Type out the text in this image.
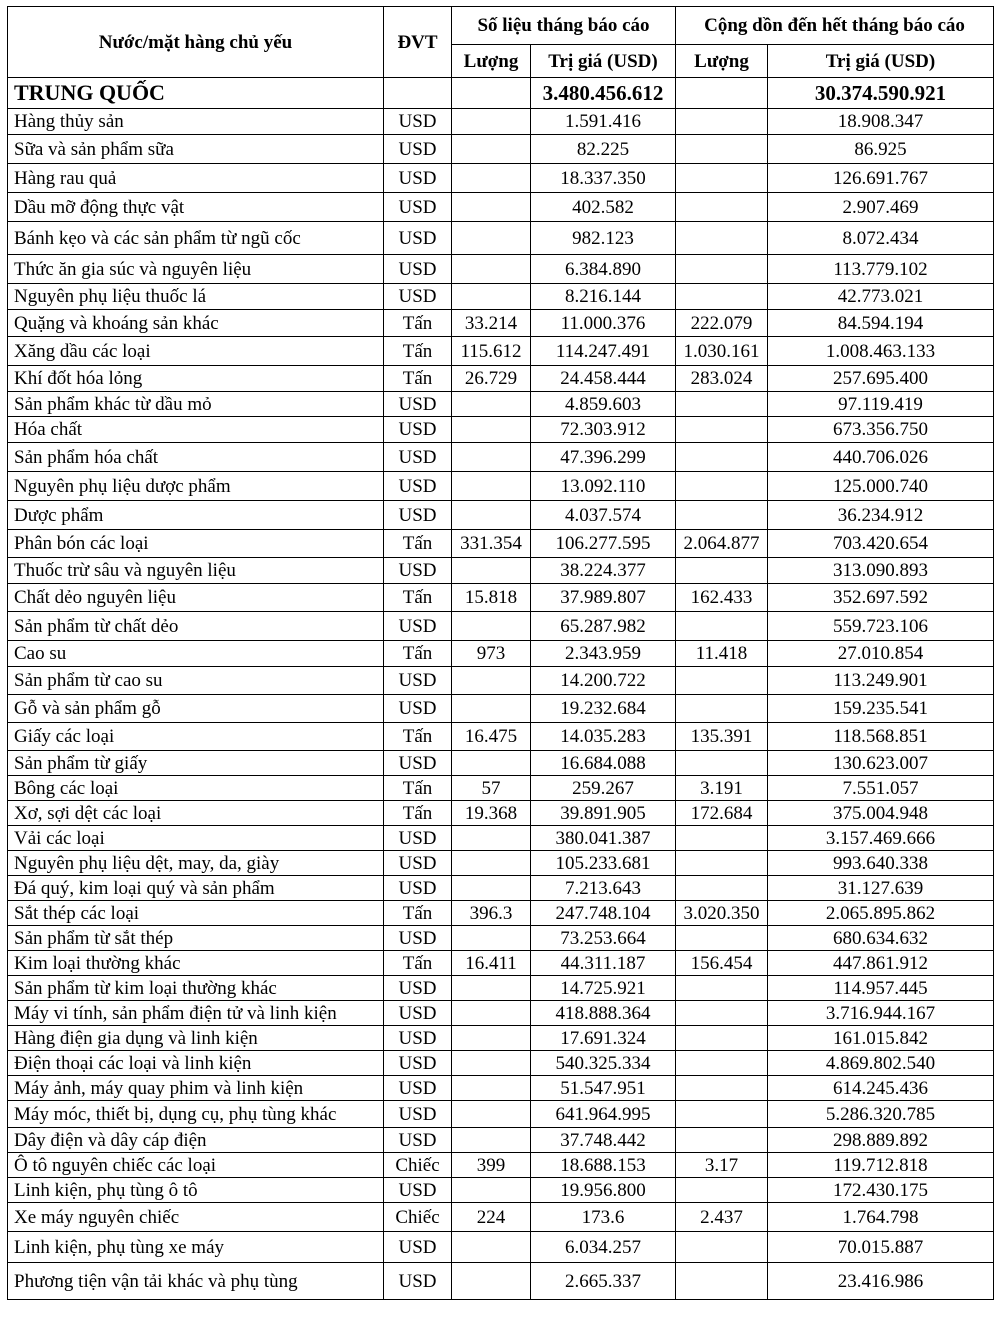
Nước/mặt hàng chủ yếu	ĐVT	Số liệu tháng báo cáo		Cộng dồn đến hết tháng báo cáo	
		Lượng	Trị giá (USD)	Lượng	Trị giá (USD)
TRUNG QUỐC			3.480.456.612		30.374.590.921
Hàng thủy sản	USD		1.591.416		18.908.347
Sữa và sản phẩm sữa	USD		82.225		86.925
Hàng rau quả	USD		18.337.350		126.691.767
Dầu mỡ động thực vật	USD		402.582		2.907.469
Bánh kẹo và các sản phẩm từ ngũ cốc	USD		982.123		8.072.434
Thức ăn gia súc và nguyên liệu	USD		6.384.890		113.779.102
Nguyên phụ liệu thuốc lá	USD		8.216.144		42.773.021
Quặng và khoáng sản khác	Tấn	33.214	11.000.376	222.079	84.594.194
Xăng dầu các loại	Tấn	115.612	114.247.491	1.030.161	1.008.463.133
Khí đốt hóa lỏng	Tấn	26.729	24.458.444	283.024	257.695.400
Sản phẩm khác từ dầu mỏ	USD		4.859.603		97.119.419
Hóa chất	USD		72.303.912		673.356.750
Sản phẩm hóa chất	USD		47.396.299		440.706.026
Nguyên phụ liệu dược phẩm	USD		13.092.110		125.000.740
Dược phẩm	USD		4.037.574		36.234.912
Phân bón các loại	Tấn	331.354	106.277.595	2.064.877	703.420.654
Thuốc trừ sâu và nguyên liệu	USD		38.224.377		313.090.893
Chất dẻo nguyên liệu	Tấn	15.818	37.989.807	162.433	352.697.592
Sản phẩm từ chất dẻo	USD		65.287.982		559.723.106
Cao su	Tấn	973	2.343.959	11.418	27.010.854
Sản phẩm từ cao su	USD		14.200.722		113.249.901
Gỗ và sản phẩm gỗ	USD		19.232.684		159.235.541
Giấy các loại	Tấn	16.475	14.035.283	135.391	118.568.851
Sản phẩm từ giấy	USD		16.684.088		130.623.007
Bông các loại	Tấn	57	259.267	3.191	7.551.057
Xơ, sợi dệt các loại	Tấn	19.368	39.891.905	172.684	375.004.948
Vải các loại	USD		380.041.387		3.157.469.666
Nguyên phụ liệu dệt, may, da, giày	USD		105.233.681		993.640.338
Đá quý, kim loại quý và sản phẩm	USD		7.213.643		31.127.639
Sắt thép các loại	Tấn	396.3	247.748.104	3.020.350	2.065.895.862
Sản phẩm từ sắt thép	USD		73.253.664		680.634.632
Kim loại thường khác	Tấn	16.411	44.311.187	156.454	447.861.912
Sản phẩm từ kim loại thường khác	USD		14.725.921		114.957.445
Máy vi tính, sản phẩm điện tử và linh kiện	USD		418.888.364		3.716.944.167
Hàng điện gia dụng và linh kiện	USD		17.691.324		161.015.842
Điện thoại các loại và linh kiện	USD		540.325.334		4.869.802.540
Máy ảnh, máy quay phim và linh kiện	USD		51.547.951		614.245.436
Máy móc, thiết bị, dụng cụ, phụ tùng khác	USD		641.964.995		5.286.320.785
Dây điện và dây cáp điện	USD		37.748.442		298.889.892
Ô tô nguyên chiếc các loại	Chiếc	399	18.688.153	3.17	119.712.818
Linh kiện, phụ tùng ô tô	USD		19.956.800		172.430.175
Xe máy nguyên chiếc	Chiếc	224	173.6	2.437	1.764.798
Linh kiện, phụ tùng xe máy	USD		6.034.257		70.015.887
Phương tiện vận tải khác và phụ tùng	USD		2.665.337		23.416.986
